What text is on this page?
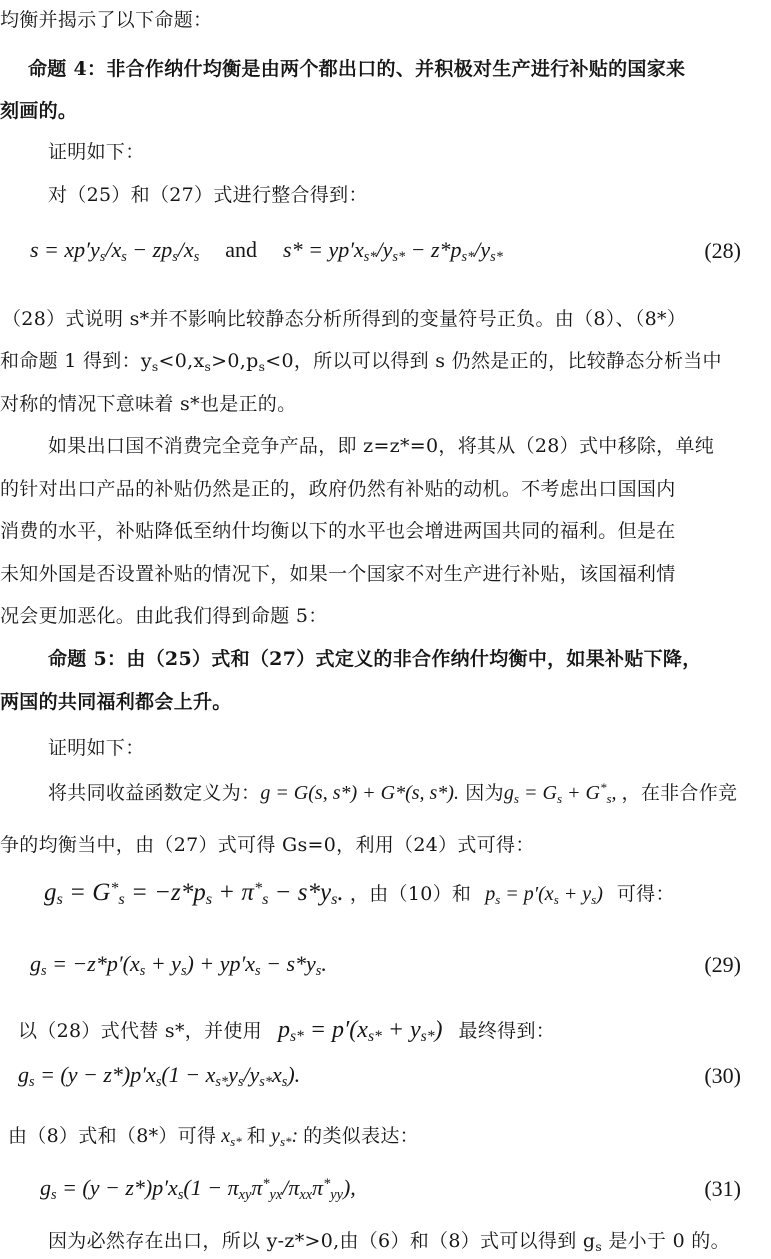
均衡并揭示了以下命题：
命题 4：非合作纳什均衡是由两个都出口的、并积极对生产进行补贴的国家来
刻画的。
证明如下：
对（25）和（27）式进行整合得到：
$s = xp'y_s/x_s - zp_s/x_s$ and $s* = yp'x_{s*}/y_{s*} - z*p_{s*}/y_{s*}$	(28)
（28）式说明 s*并不影响比较静态分析所得到的变量符号正负。由（8）、（8*）
和命题 1 得到：$y_s<0,x_s>0,p_s<0$，所以可以得到 s 仍然是正的，比较静态分析当中
对称的情况下意味着 s*也是正的。
如果出口国不消费完全竞争产品，即 z=z*=0，将其从（28）式中移除，单纯
的针对出口产品的补贴仍然是正的，政府仍然有补贴的动机。不考虑出口国国内
消费的水平，补贴降低至纳什均衡以下的水平也会增进两国共同的福利。但是在
未知外国是否设置补贴的情况下，如果一个国家不对生产进行补贴，该国福利情
况会更加恶化。由此我们得到命题 5：
命题 5：由（25）式和（27）式定义的非合作纳什均衡中，如果补贴下降，
两国的共同福利都会上升。
证明如下：
将共同收益函数定义为：g = G(s, s*) + G*(s, s*). 因为$g_s = G_s + G^*_s$, ，在非合作竞
争的均衡当中，由（27）式可得 Gs=0，利用（24）式可得：
$g_s = G^*_s = -z*p_s + \pi^*_s - s*y_s$. ，由（10）和 $p_s = p'(x_s + y_s)$ 可得：
$g_s = -z*p'(x_s + y_s) + yp'x_s - s*y_s$.	(29)
以（28）式代替 s*，并使用 $p_{s*} = p'(x_{s*} + y_{s*})$ 最终得到：
$g_s = (y - z*)p'x_s(1 - x_{s*}y_s/y_{s*}x_s)$.	(30)
由（8）式和（8*）可得 $x_{s*}$ 和 $y_{s*}$: 的类似表达：
$g_s = (y - z*)p'x_s(1 - \pi_{xy}\pi^*_{yx}/\pi_{xx}\pi^*_{yy})$,	(31)
因为必然存在出口，所以 y-z*>0,由（6）和（8）式可以得到 $g_s$ 是小于 0 的。
